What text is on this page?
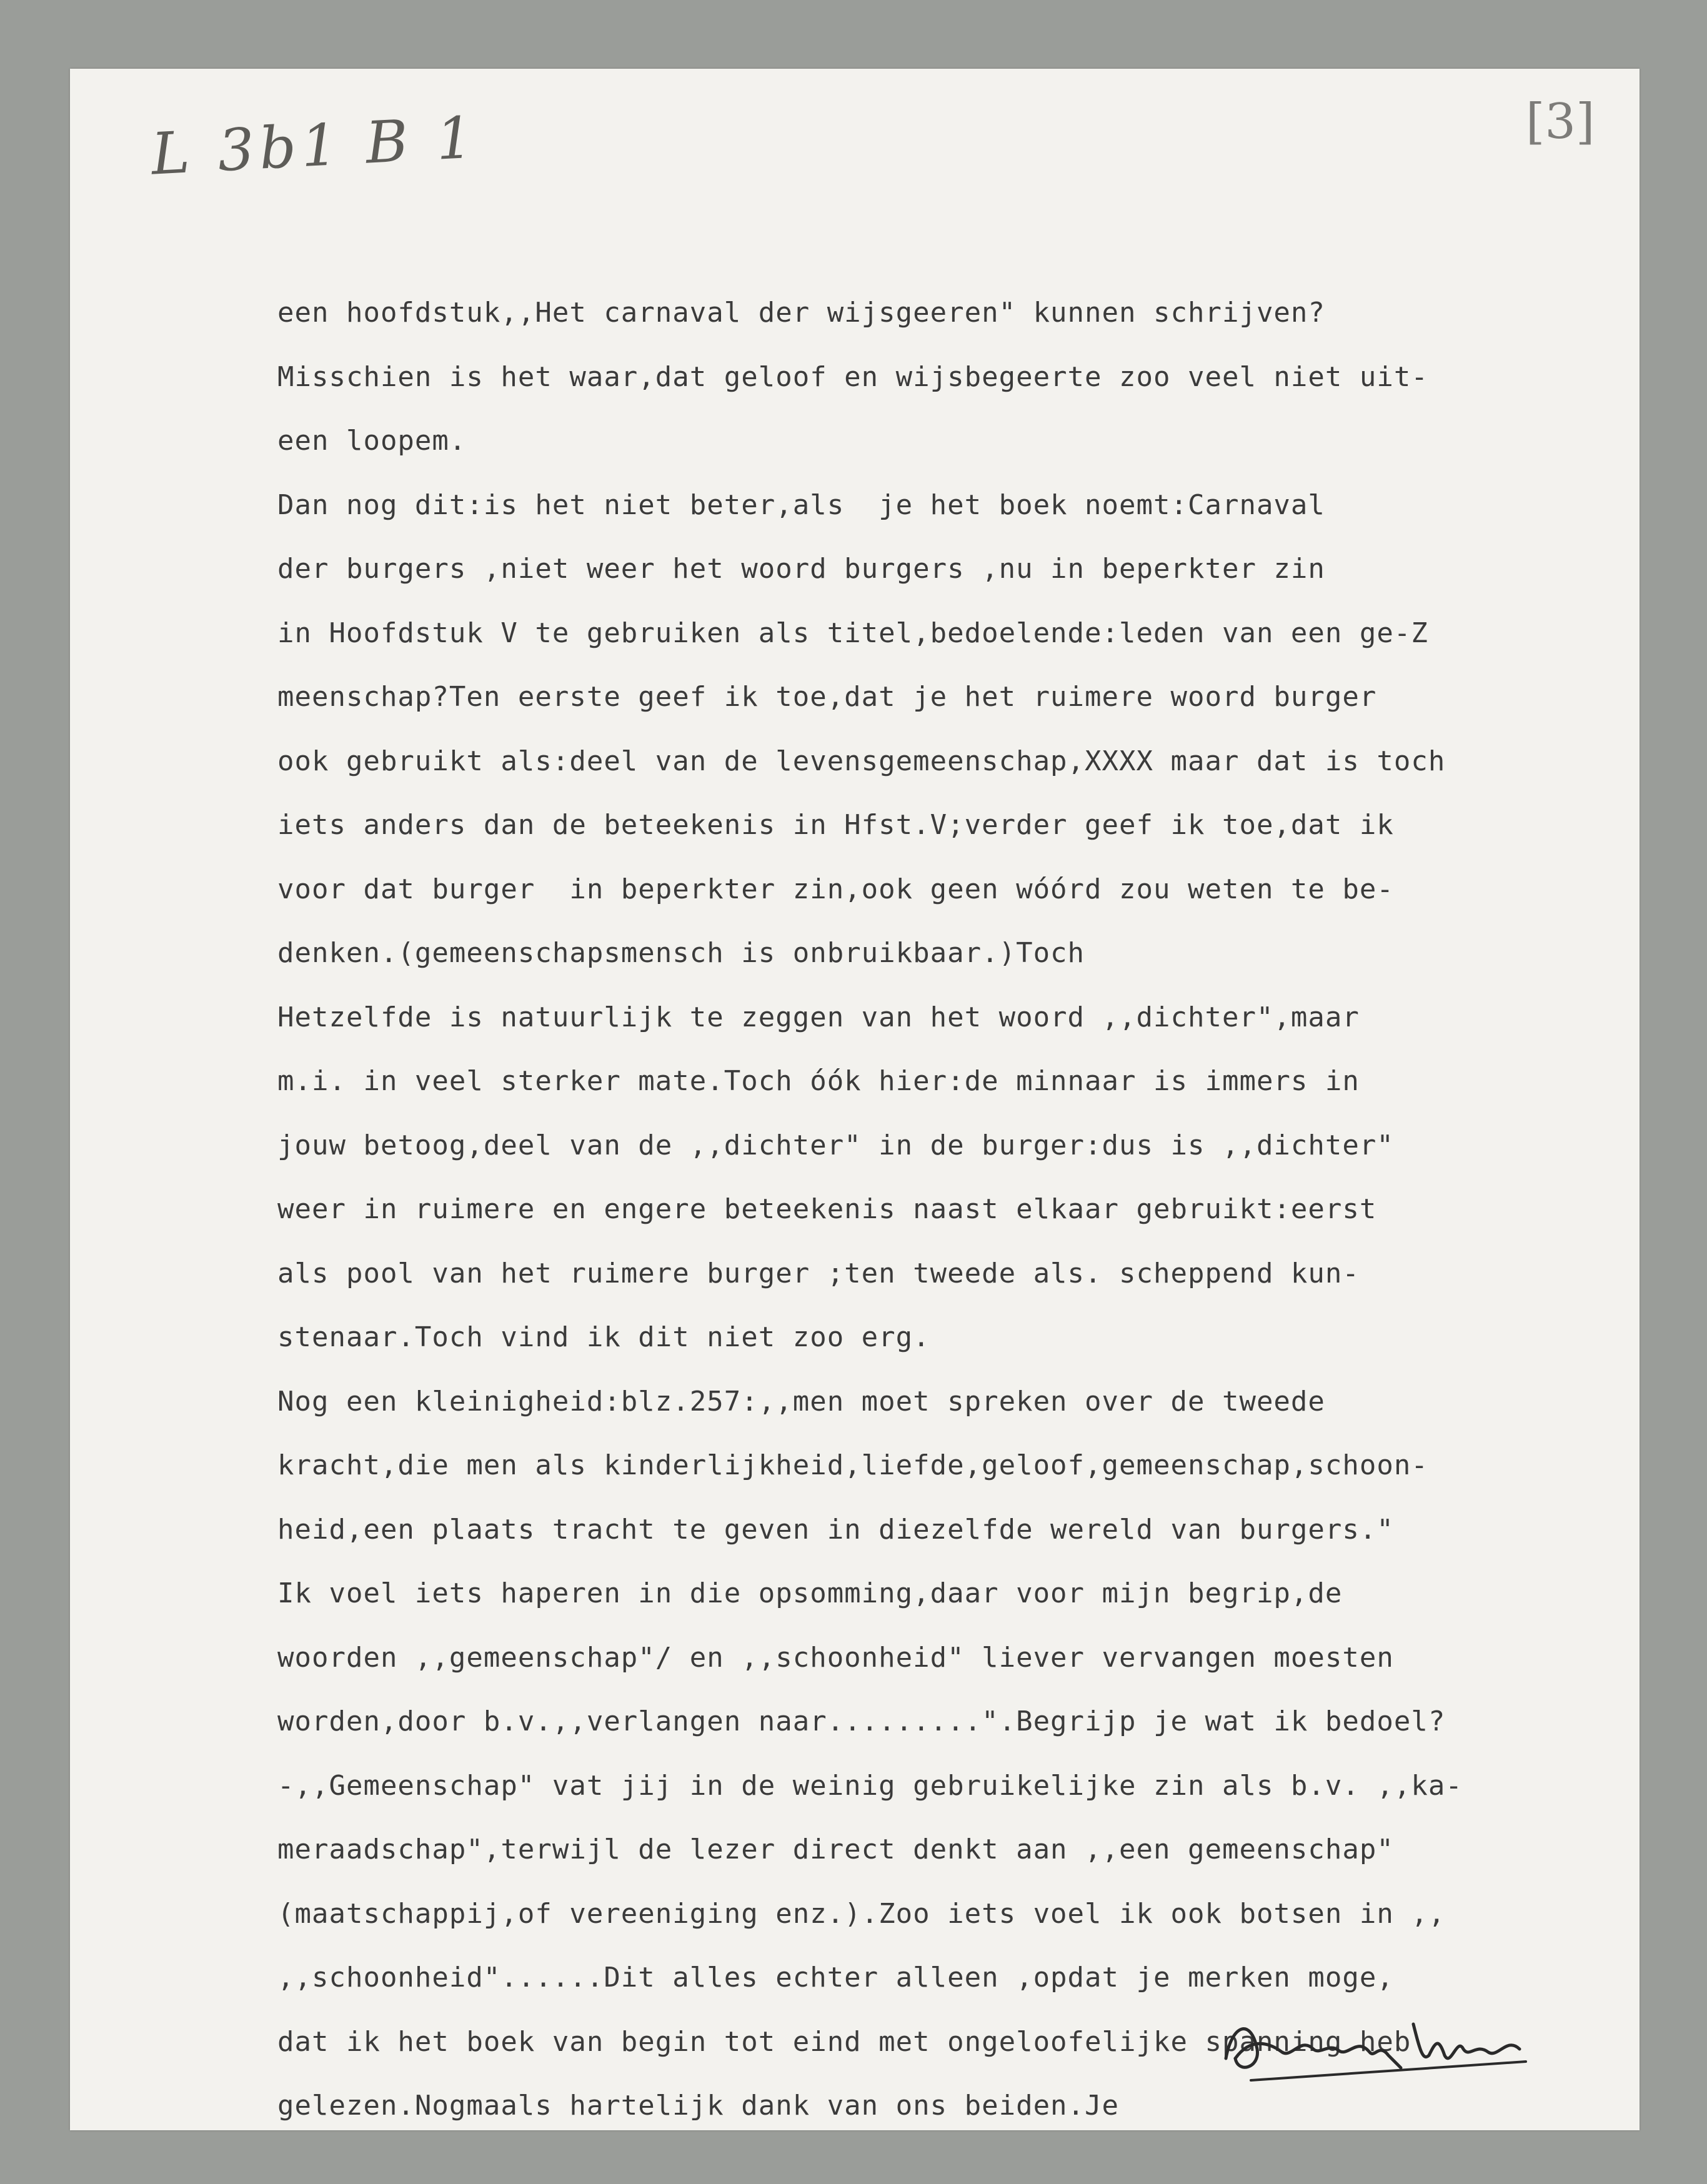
L 3b1 B 1	[3]
een hoofdstuk,,Het carnaval der wijsgeeren" kunnen schrijven?
Misschien is het waar,dat geloof en wijsbegeerte zoo veel niet uit-
een loopem.
Dan nog dit:is het niet beter,als  je het boek noemt:Carnaval
der burgers ,niet weer het woord burgers ,nu in beperkter zin
in Hoofdstuk V te gebruiken als titel,bedoelende:leden van een ge-Z
meenschap?Ten eerste geef ik toe,dat je het ruimere woord burger
ook gebruikt als:deel van de levensgemeenschap,XXXX maar dat is toch
iets anders dan de beteekenis in Hfst.V;verder geef ik toe,dat ik
voor dat burger  in beperkter zin,ook geen wóórd zou weten te be-
denken.(gemeenschapsmensch is onbruikbaar.)Toch
Hetzelfde is natuurlijk te zeggen van het woord ,,dichter",maar
m.i. in veel sterker mate.Toch óók hier:de minnaar is immers in
jouw betoog,deel van de ,,dichter" in de burger:dus is ,,dichter"
weer in ruimere en engere beteekenis naast elkaar gebruikt:eerst
als pool van het ruimere burger ;ten tweede als. scheppend kun-
stenaar.Toch vind ik dit niet zoo erg.
Nog een kleinigheid:blz.257:,,men moet spreken over de tweede
kracht,die men als kinderlijkheid,liefde,geloof,gemeenschap,schoon-
heid,een plaats tracht te geven in diezelfde wereld van burgers."
Ik voel iets haperen in die opsomming,daar voor mijn begrip,de
woorden ,,gemeenschap"/ en ,,schoonheid" liever vervangen moesten
worden,door b.v.,,verlangen naar.........".Begrijp je wat ik bedoel?
-,,Gemeenschap" vat jij in de weinig gebruikelijke zin als b.v. ,,ka-
meraadschap",terwijl de lezer direct denkt aan ,,een gemeenschap"
(maatschappij,of vereeniging enz.).Zoo iets voel ik ook botsen in ,,
,,schoonheid"......Dit alles echter alleen ,opdat je merken moge,
dat ik het boek van begin tot eind met ongeloofelijke spanning heb
gelezen.Nogmaals hartelijk dank van ons beiden.Je
